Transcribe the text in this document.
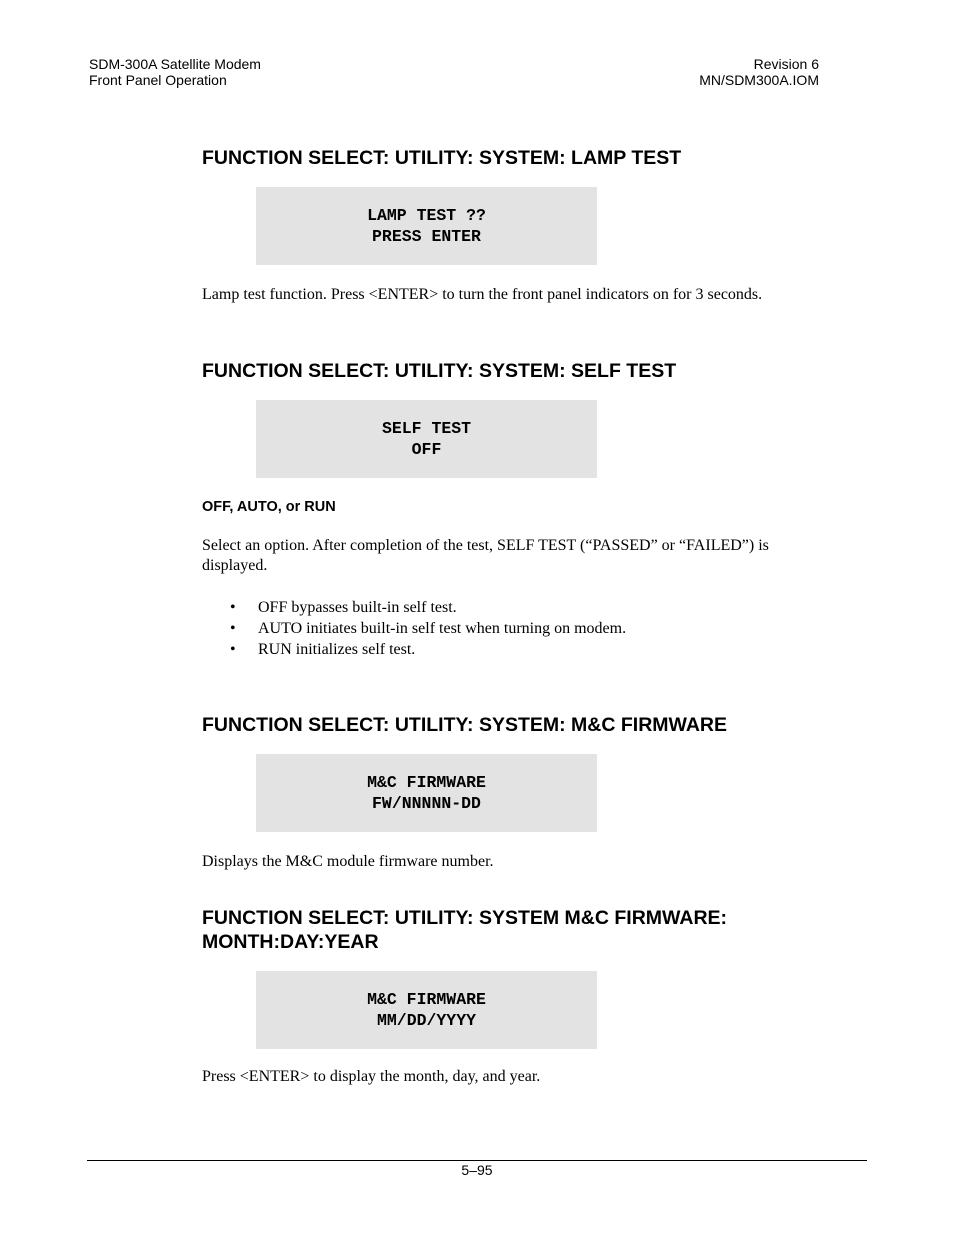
SDM-300A Satellite Modem
Front Panel Operation
Revision 6
MN/SDM300A.IOM
FUNCTION SELECT: UTILITY: SYSTEM: LAMP TEST
LAMP TEST ??
PRESS ENTER

Lamp test function. Press <ENTER> to turn the front panel indicators on for 3 seconds.

FUNCTION SELECT: UTILITY: SYSTEM: SELF TEST
SELF TEST
OFF
OFF, AUTO, or RUN

Select an option. After completion of the test, SELF TEST (“PASSED” or “FAILED”) is displayed.

• OFF bypasses built-in self test.
• AUTO initiates built-in self test when turning on modem.
• RUN initializes self test.
FUNCTION SELECT: UTILITY: SYSTEM: M&C FIRMWARE
M&C FIRMWARE
FW/NNNNN-DD

Displays the M&C module firmware number.

FUNCTION SELECT: UTILITY: SYSTEM M&C FIRMWARE:
MONTH:DAY:YEAR
M&C FIRMWARE
MM/DD/YYYY

Press <ENTER> to display the month, day, and year.

5–95
